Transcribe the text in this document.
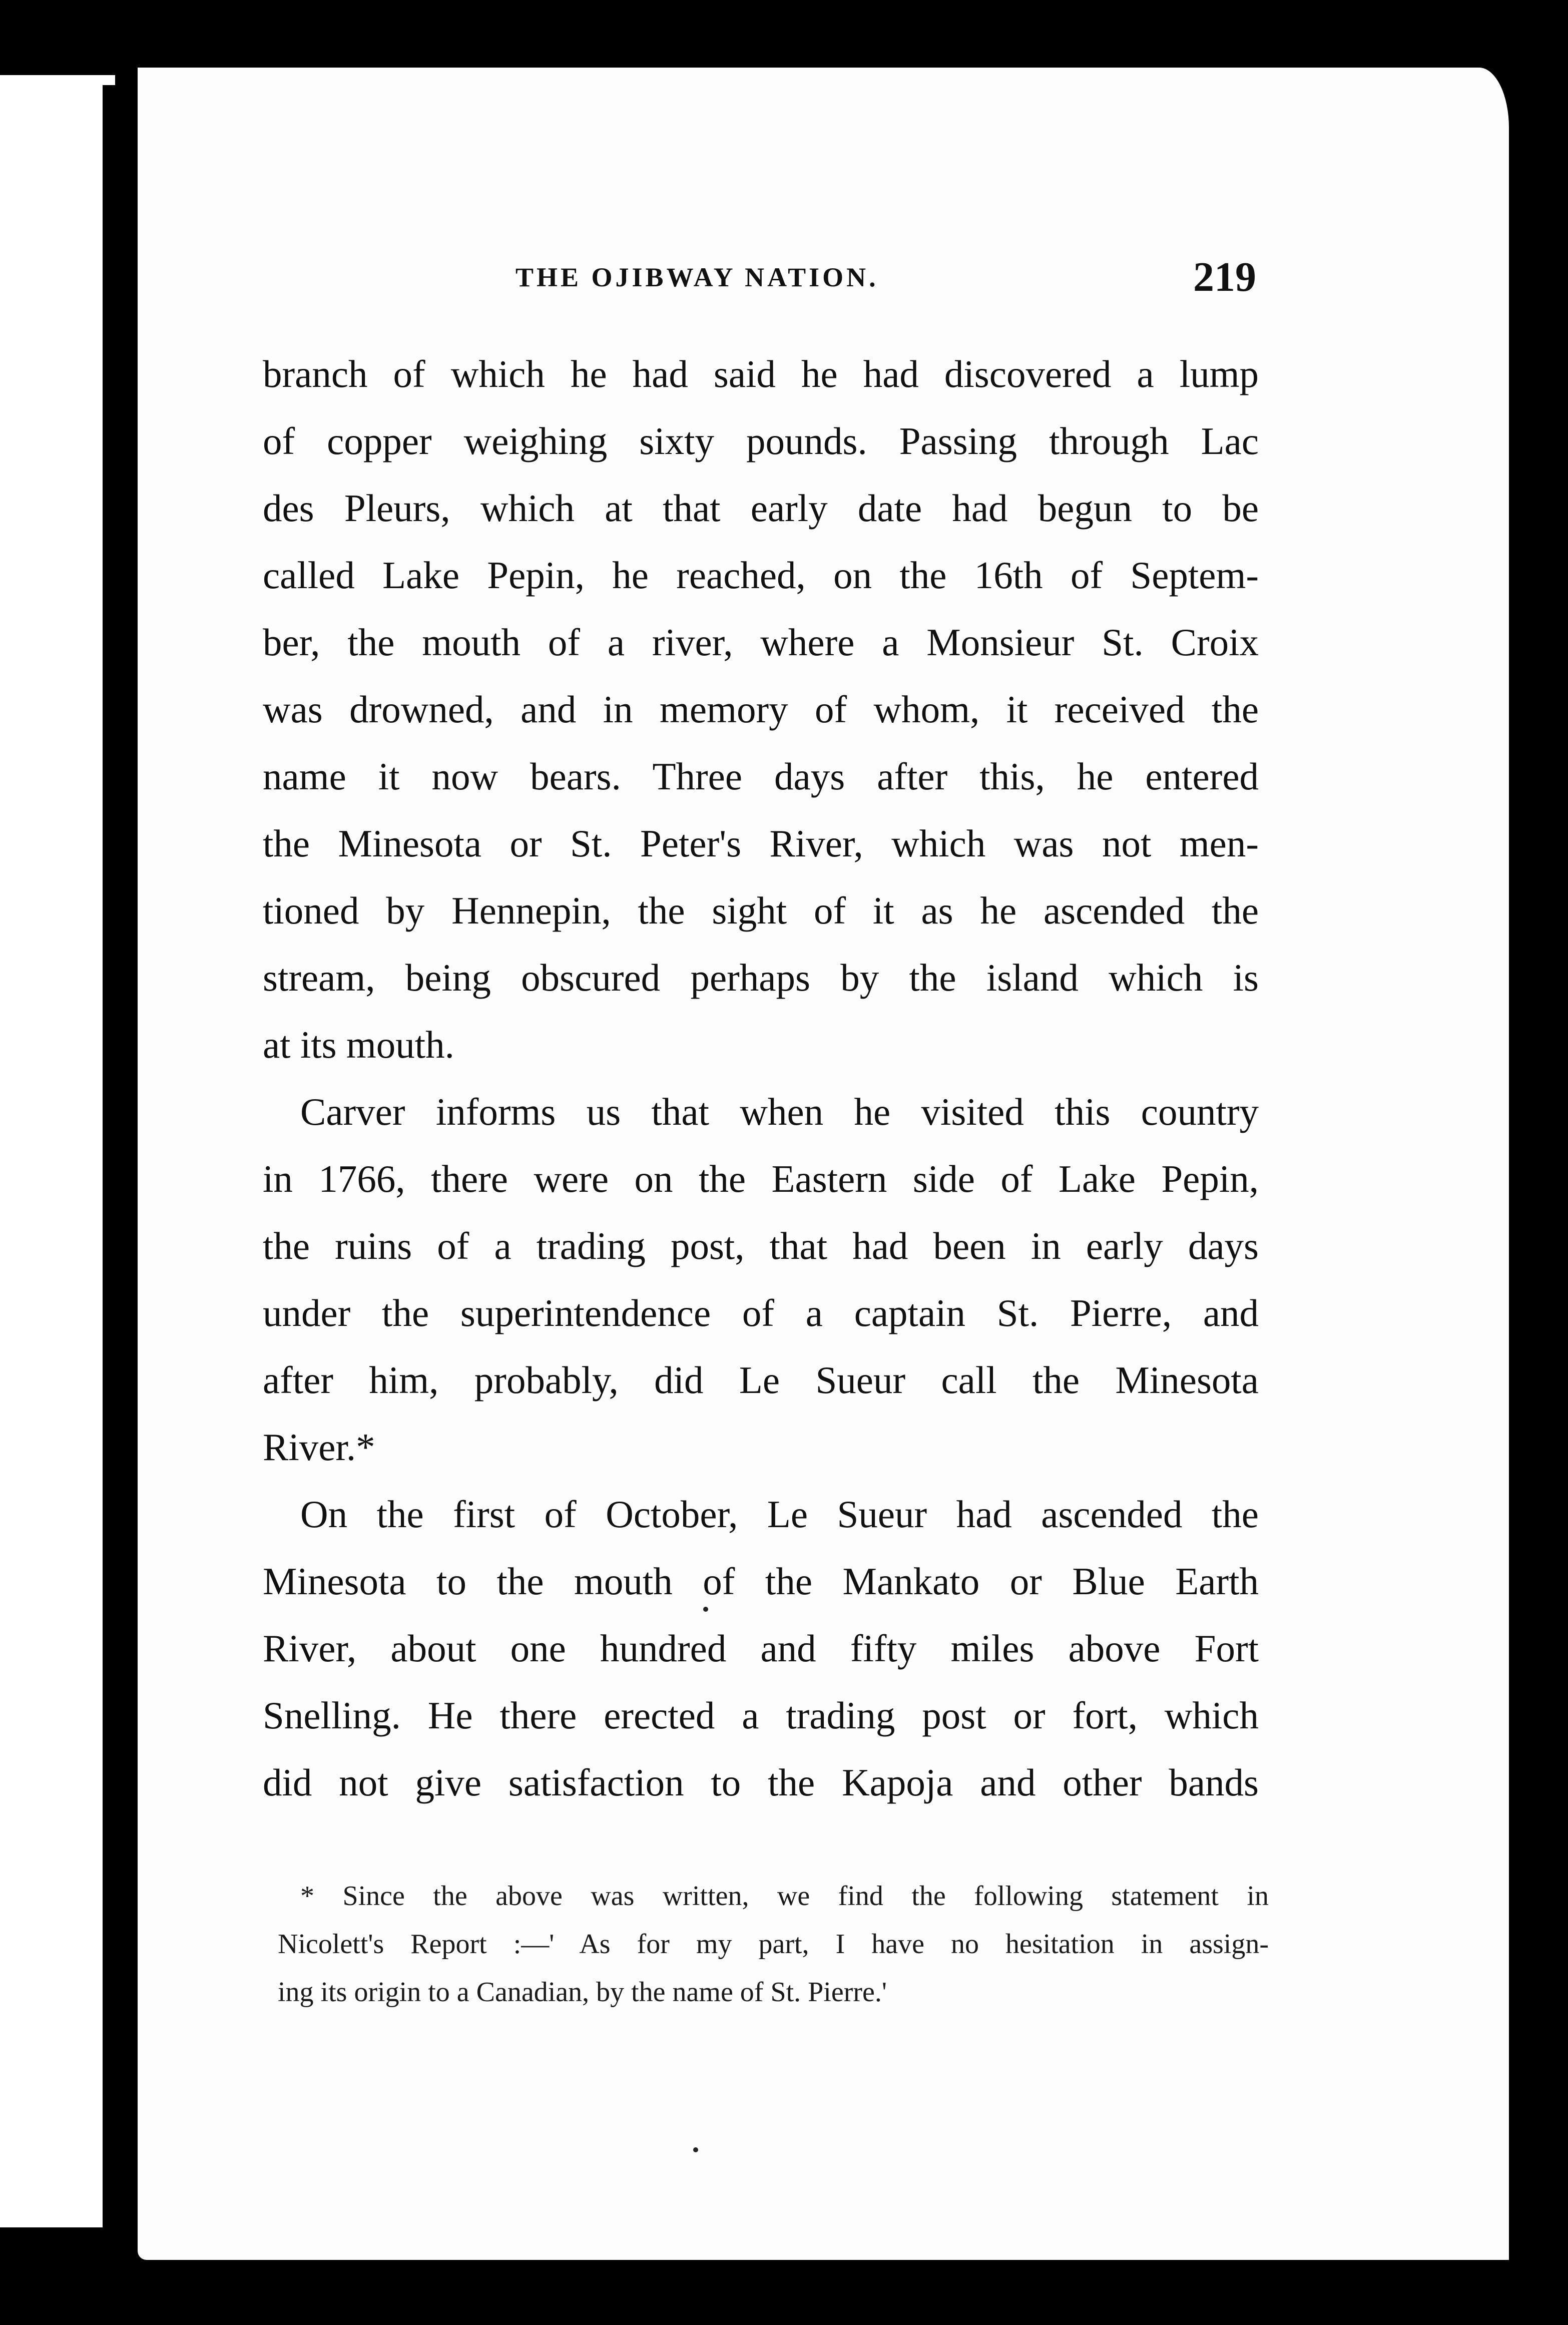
THE OJIBWAY NATION.	219
branch of which he had said he had discovered a lump
of copper weighing sixty pounds. Passing through Lac
des Pleurs, which at that early date had begun to be
called Lake Pepin, he reached, on the 16th of Septem-
ber, the mouth of a river, where a Monsieur St. Croix
was drowned, and in memory of whom, it received the
name it now bears. Three days after this, he entered
the Minesota or St. Peter's River, which was not men-
tioned by Hennepin, the sight of it as he ascended the
stream, being obscured perhaps by the island which is
at its mouth.
Carver informs us that when he visited this country
in 1766, there were on the Eastern side of Lake Pepin,
the ruins of a trading post, that had been in early days
under the superintendence of a captain St. Pierre, and
after him, probably, did Le Sueur call the Minesota
River.*
On the first of October, Le Sueur had ascended the
Minesota to the mouth of the Mankato or Blue Earth
River, about one hundred and fifty miles above Fort
Snelling. He there erected a trading post or fort, which
did not give satisfaction to the Kapoja and other bands
* Since the above was written, we find the following statement in
Nicolett's Report :—' As for my part, I have no hesitation in assign-
ing its origin to a Canadian, by the name of St. Pierre.'
